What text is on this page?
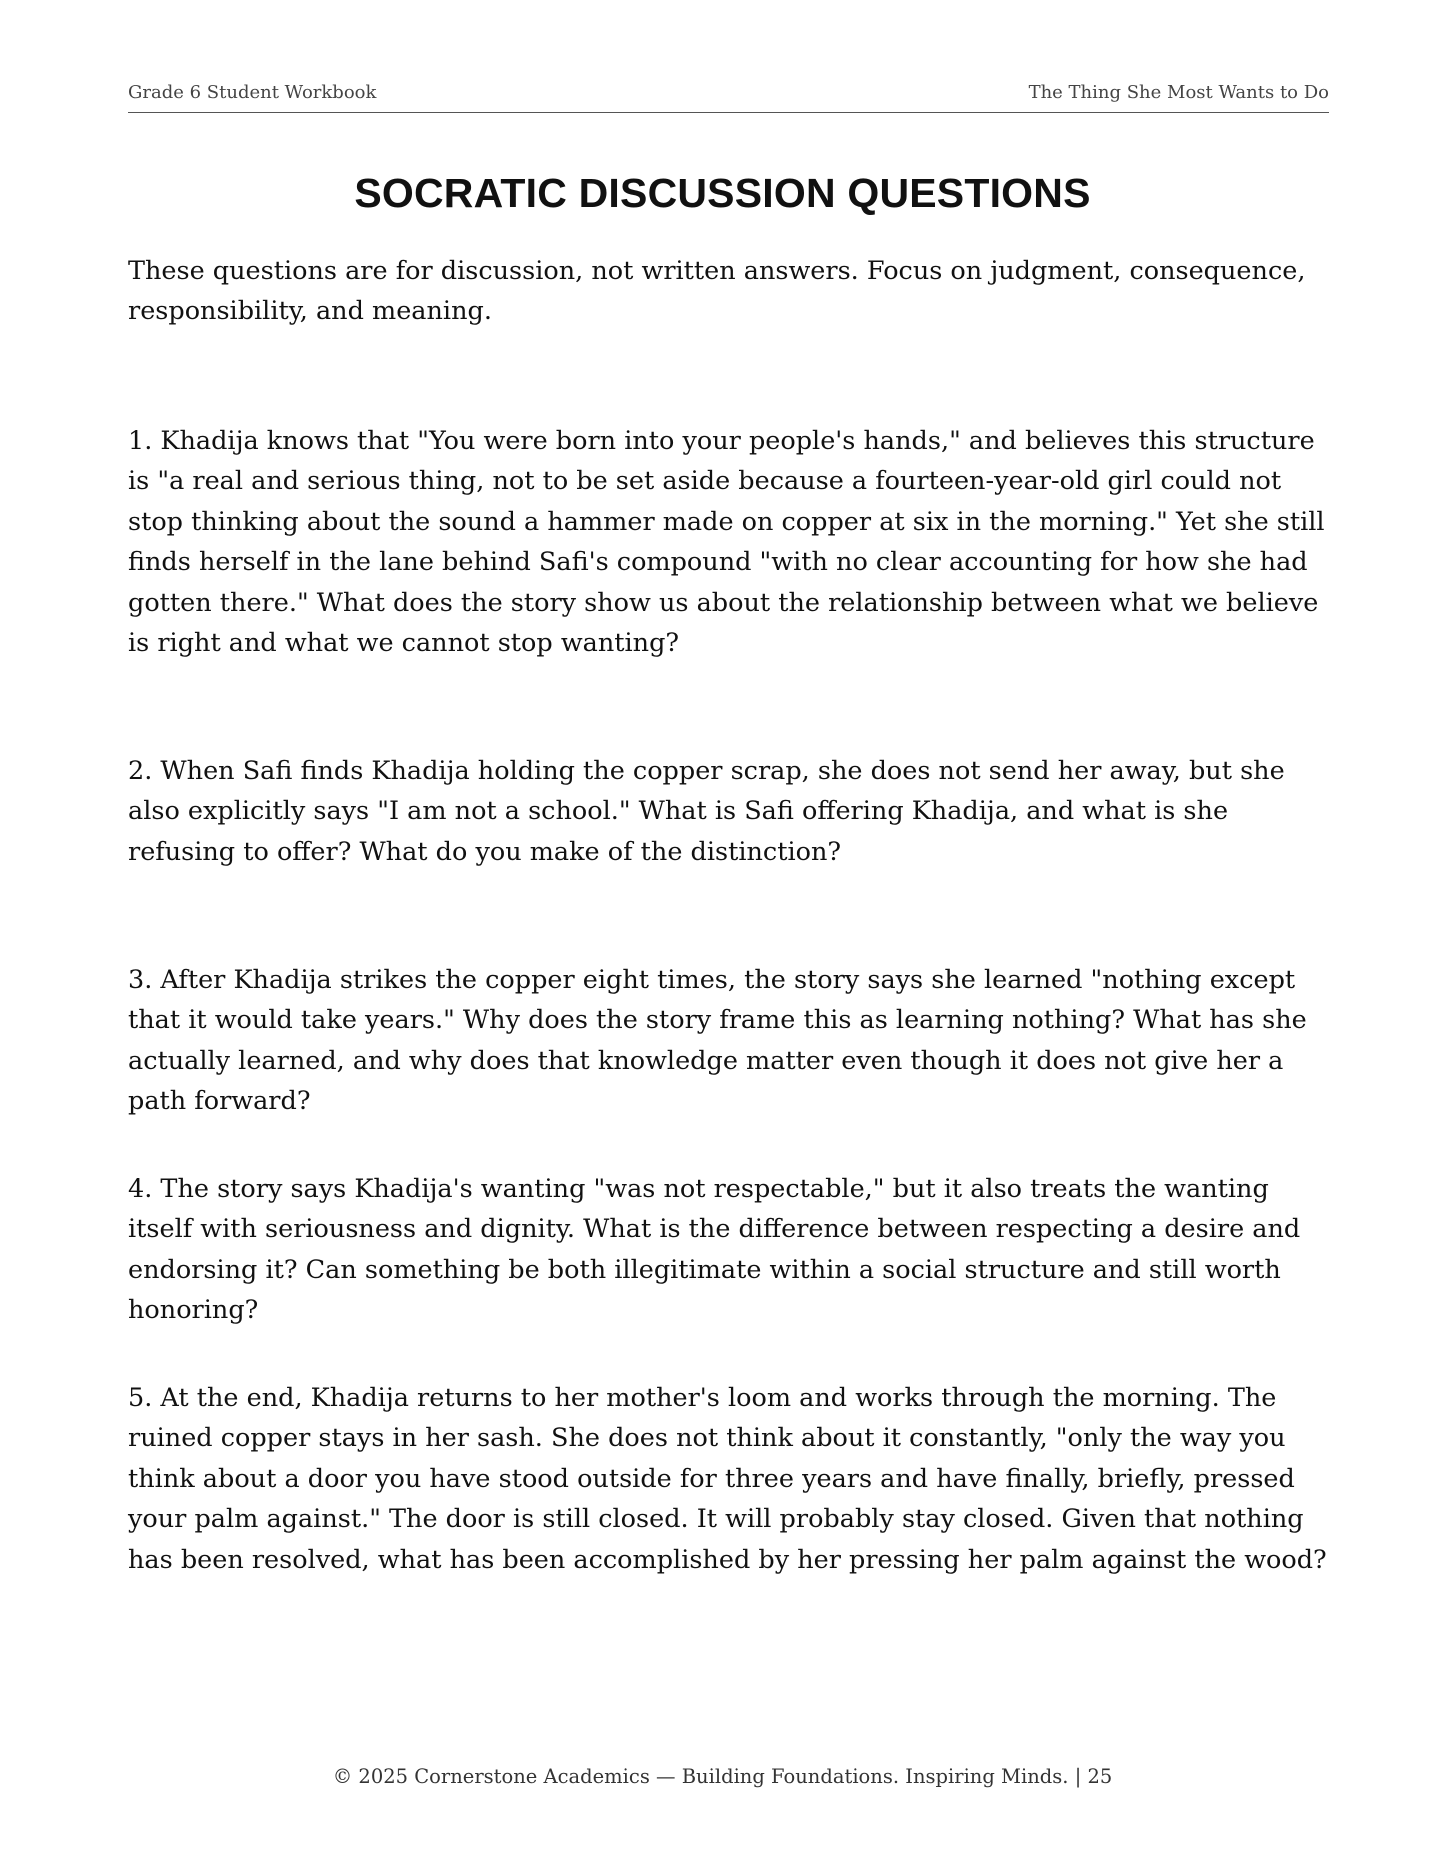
Grade 6 Student Workbook	The Thing She Most Wants to Do
SOCRATIC DISCUSSION QUESTIONS

These questions are for discussion, not written answers. Focus on judgment, consequence, responsibility, and meaning.

1. Khadija knows that "You were born into your people's hands," and believes this structure is "a real and serious thing, not to be set aside because a fourteen-year-old girl could not stop thinking about the sound a hammer made on copper at six in the morning." Yet she still finds herself in the lane behind Safi's compound "with no clear accounting for how she had gotten there." What does the story show us about the relationship between what we believe is right and what we cannot stop wanting?

2. When Safi finds Khadija holding the copper scrap, she does not send her away, but she also explicitly says "I am not a school." What is Safi offering Khadija, and what is she refusing to offer? What do you make of the distinction?

3. After Khadija strikes the copper eight times, the story says she learned "nothing except that it would take years." Why does the story frame this as learning nothing? What has she actually learned, and why does that knowledge matter even though it does not give her a path forward?

4. The story says Khadija's wanting "was not respectable," but it also treats the wanting itself with seriousness and dignity. What is the difference between respecting a desire and endorsing it? Can something be both illegitimate within a social structure and still worth honoring?

5. At the end, Khadija returns to her mother's loom and works through the morning. The ruined copper stays in her sash. She does not think about it constantly, "only the way you think about a door you have stood outside for three years and have finally, briefly, pressed your palm against." The door is still closed. It will probably stay closed. Given that nothing has been resolved, what has been accomplished by her pressing her palm against the wood?

© 2025 Cornerstone Academics — Building Foundations. Inspiring Minds. | 25
